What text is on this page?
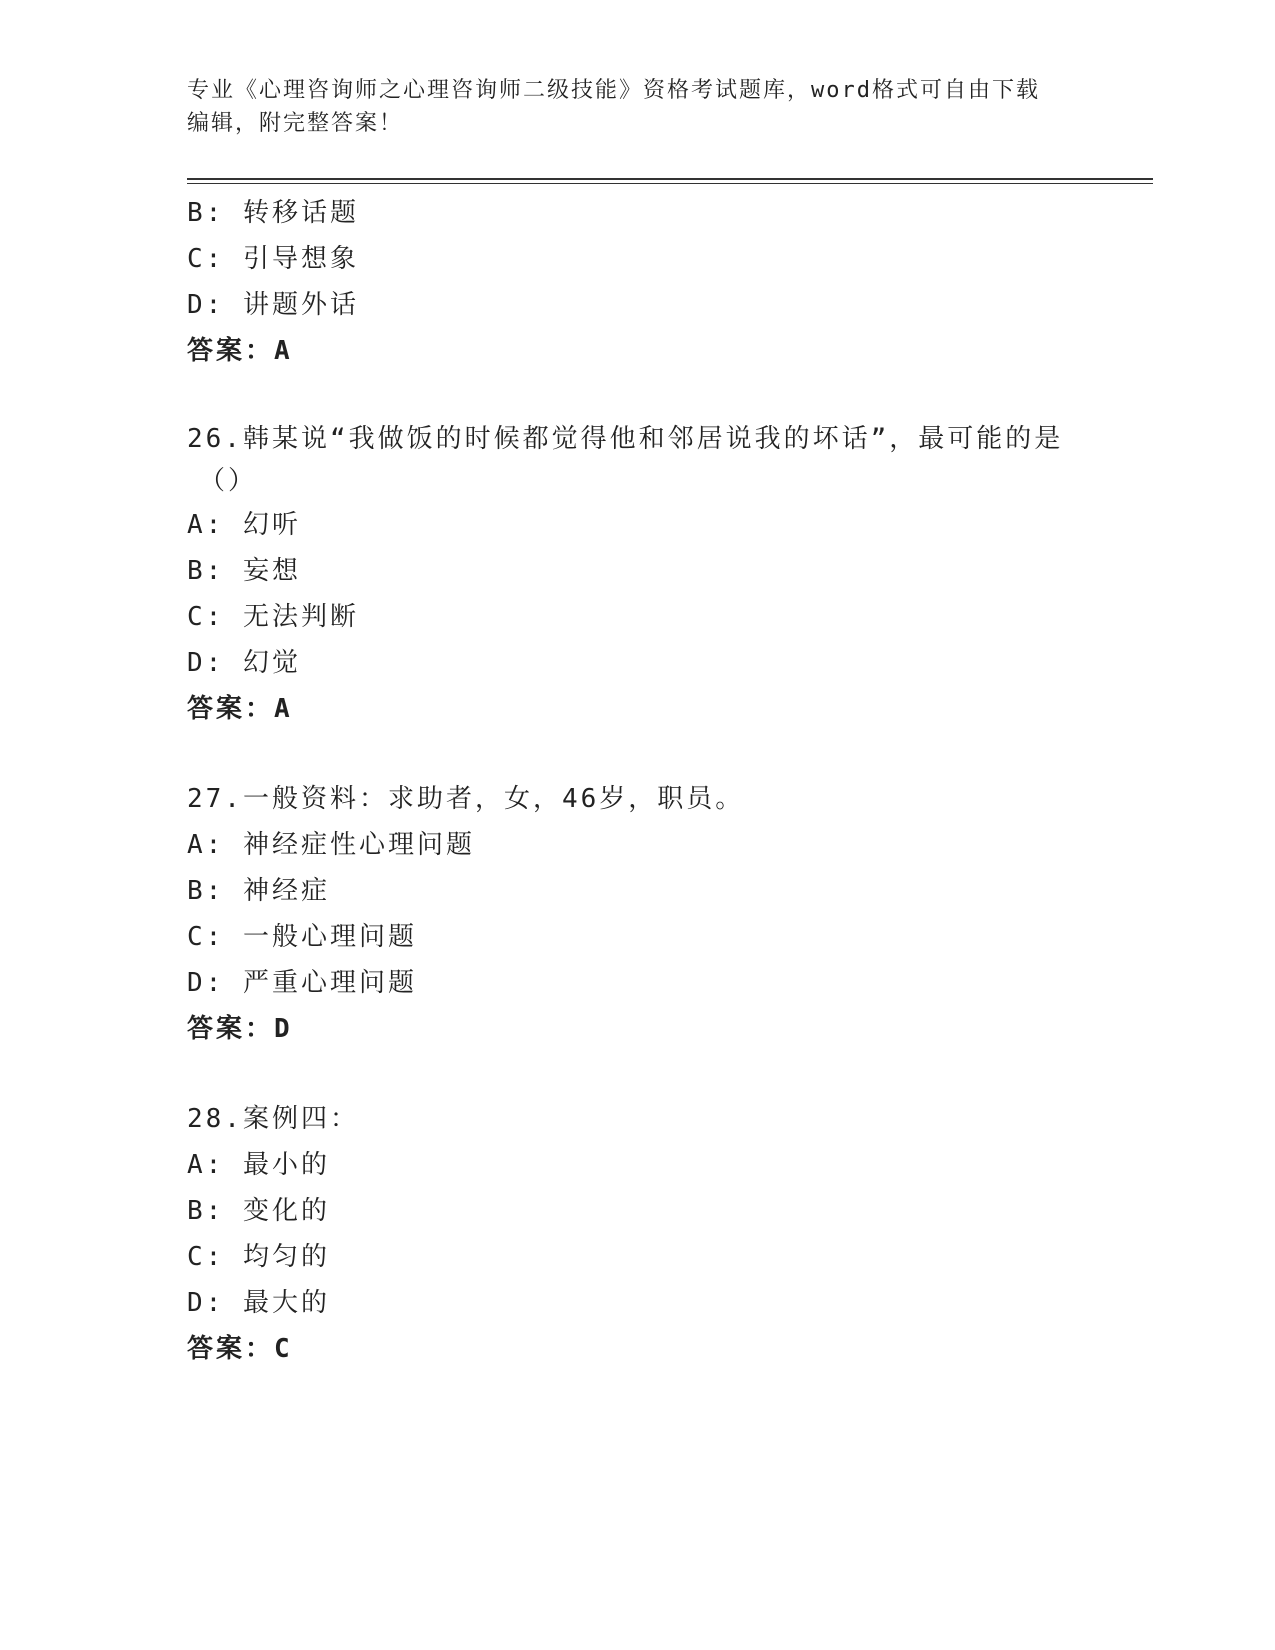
专业《心理咨询师之心理咨询师二级技能》资格考试题库，word格式可自由下载
编辑，附完整答案！
B: 转移话题
C: 引导想象
D: 讲题外话
答案：A
26.韩某说“我做饭的时候都觉得他和邻居说我的坏话”，最可能的是
（）
A: 幻听
B: 妄想
C: 无法判断
D: 幻觉
答案：A
27.一般资料：求助者，女，46岁，职员。
A: 神经症性心理问题
B: 神经症
C: 一般心理问题
D: 严重心理问题
答案：D
28.案例四：
A: 最小的
B: 变化的
C: 均匀的
D: 最大的
答案：C
